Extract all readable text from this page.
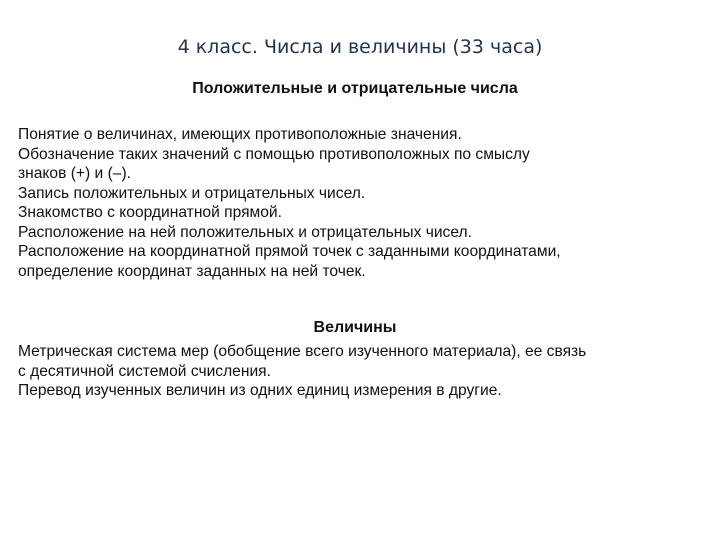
4 класс. Числа и величины (33 часа)
Положительные и отрицательные числа
Понятие о величинах, имеющих противоположные значения.
Обозначение таких значений с помощью противоположных по смыслу
знаков (+) и (–).
Запись положительных и отрицательных чисел.
Знакомство с координатной прямой.
Расположение на ней положительных и отрицательных чисел.
Расположение на координатной прямой точек с заданными координатами,
определение координат заданных на ней точек.
Величины
Метрическая система мер (обобщение всего изученного материала), ее связь
с десятичной системой счисления.
Перевод изученных величин из одних единиц измерения в другие.
